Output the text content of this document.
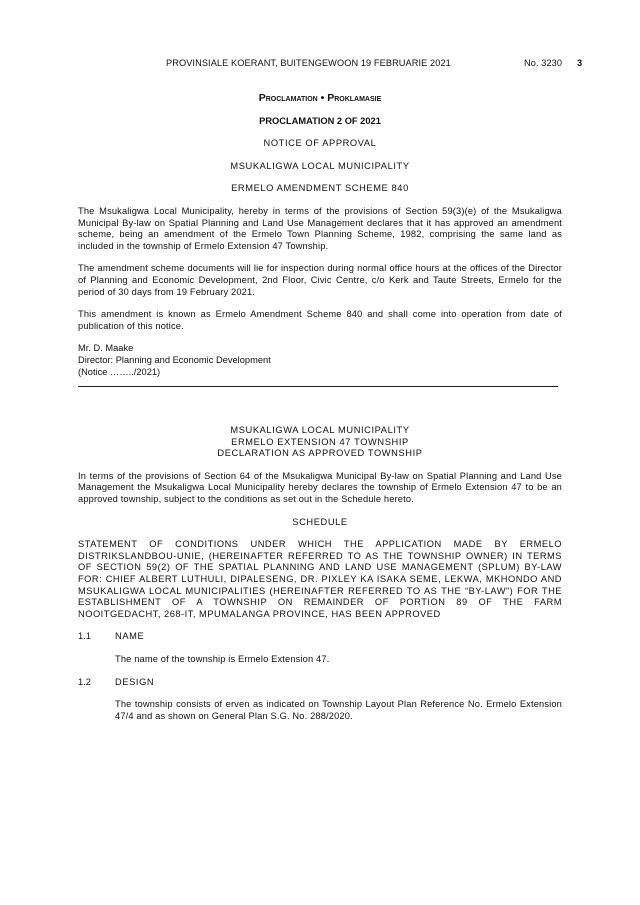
PROVINSIALE KOERANT, BUITENGEWOON 19 FEBRUARIE 2021	No. 3230 3

Proclamation • Proklamasie

PROCLAMATION 2 OF 2021

NOTICE OF APPROVAL

MSUKALIGWA LOCAL MUNICIPALITY

ERMELO AMENDMENT SCHEME 840

The Msukaligwa Local Municipality, hereby in terms of the provisions of Section 59(3)(e) of the Msukaligwa Municipal By-law on Spatial Planning and Land Use Management declares that it has approved an amendment scheme, being an amendment of the Ermelo Town Planning Scheme, 1982, comprising the same land as included in the township of Ermelo Extension 47 Township.

The amendment scheme documents will lie for inspection during normal office hours at the offices of the Director of Planning and Economic Development, 2nd Floor, Civic Centre, c/o Kerk and Taute Streets, Ermelo for the period of 30 days from 19 February 2021.

This amendment is known as Ermelo Amendment Scheme 840 and shall come into operation from date of publication of this notice.

Mr. D. Maake

Director: Planning and Economic Development

(Notice ……../2021)

MSUKALIGWA LOCAL MUNICIPALITY

ERMELO EXTENSION 47 TOWNSHIP

DECLARATION AS APPROVED TOWNSHIP

In terms of the provisions of Section 64 of the Msukaligwa Municipal By-law on Spatial Planning and Land Use Management the Msukaligwa Local Municipality hereby declares the township of Ermelo Extension 47 to be an approved township, subject to the conditions as set out in the Schedule hereto.

SCHEDULE

STATEMENT OF CONDITIONS UNDER WHICH THE APPLICATION MADE BY ERMELO DISTRIKSLANDBOU-UNIE, (HEREINAFTER REFERRED TO AS THE TOWNSHIP OWNER) IN TERMS OF SECTION 59(2) OF THE SPATIAL PLANNING AND LAND USE MANAGEMENT (SPLUM) BY-LAW FOR: CHIEF ALBERT LUTHULI, DIPALESENG, DR. PIXLEY KA ISAKA SEME, LEKWA, MKHONDO AND MSUKALIGWA LOCAL MUNICIPALITIES (HEREINAFTER REFERRED TO AS THE “BY-LAW”) FOR THE ESTABLISHMENT OF A TOWNSHIP ON REMAINDER OF PORTION 89 OF THE FARM NOOITGEDACHT, 268-IT, MPUMALANGA PROVINCE, HAS BEEN APPROVED

1.1	NAME

The name of the township is Ermelo Extension 47.

1.2	DESIGN

The township consists of erven as indicated on Township Layout Plan Reference No. Ermelo Extension 47/4 and as shown on General Plan S.G. No. 288/2020.
